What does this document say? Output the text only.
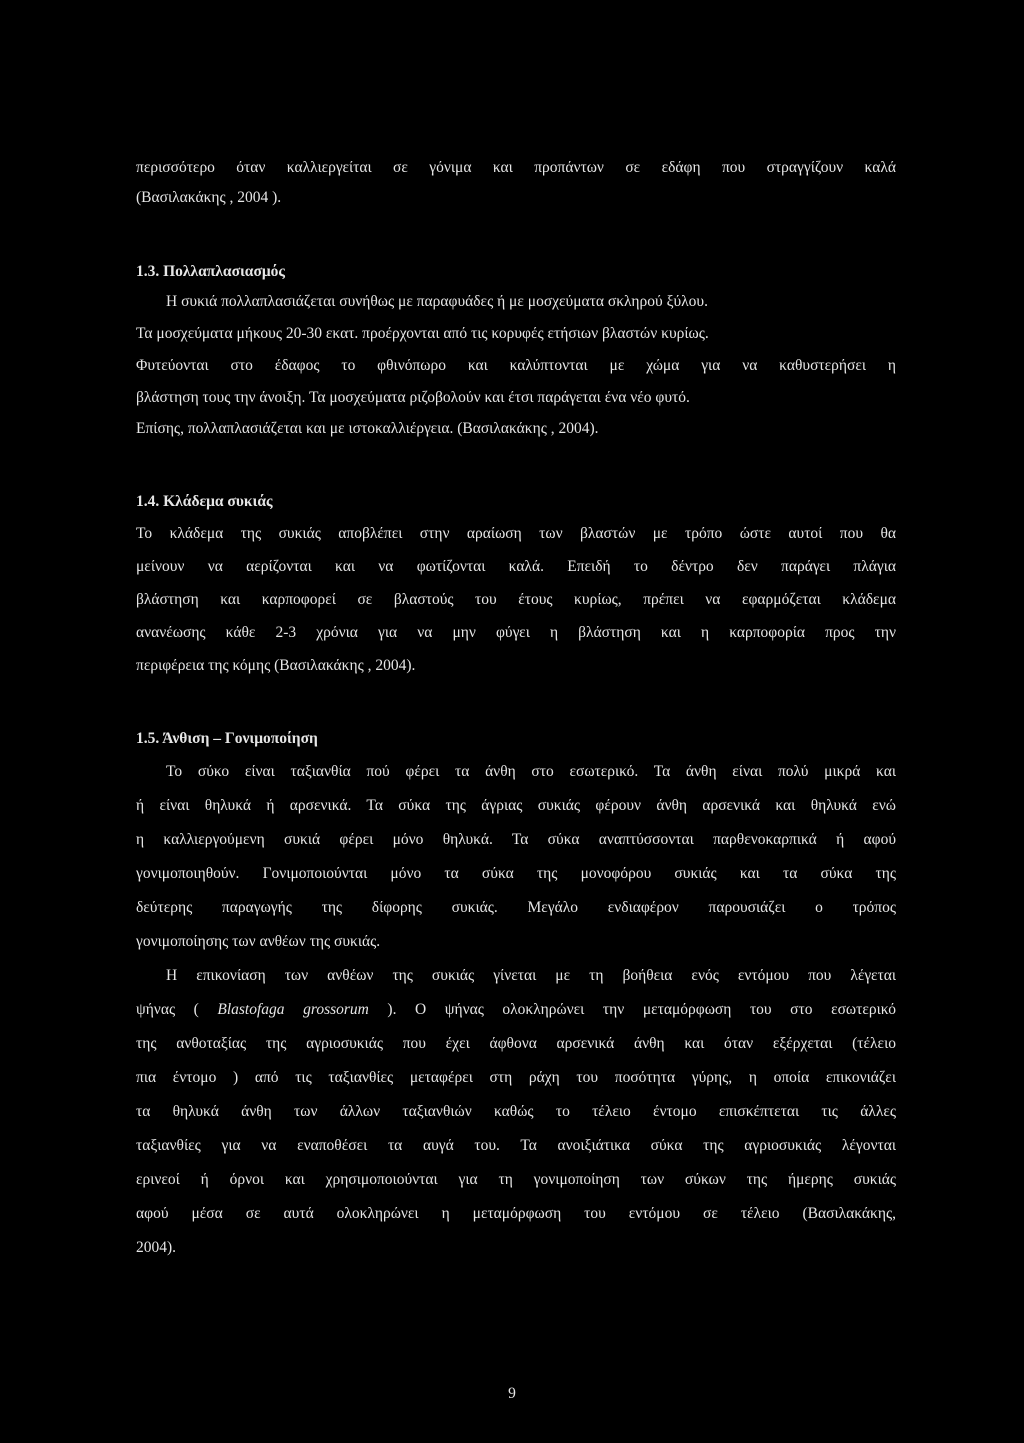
περισσότερο όταν καλλιεργείται σε γόνιμα και προπάντων σε εδάφη που στραγγίζουν καλά
(Βασιλακάκης , 2004 ).
1.3. Πολλαπλασιασμός
Η συκιά πολλαπλασιάζεται συνήθως με παραφυάδες ή με μοσχεύματα σκληρού ξύλου.
Τα μοσχεύματα μήκους 20-30 εκατ. προέρχονται από τις κορυφές ετήσιων βλαστών κυρίως.
Φυτεύονται στο έδαφος το φθινόπωρο και καλύπτονται με χώμα για να καθυστερήσει η
βλάστηση τους την άνοιξη. Τα μοσχεύματα ριζοβολούν και έτσι παράγεται ένα νέο φυτό.
Επίσης, πολλαπλασιάζεται και με ιστοκαλλιέργεια. (Βασιλακάκης , 2004).
1.4. Κλάδεμα συκιάς
Το κλάδεμα της συκιάς αποβλέπει στην αραίωση των βλαστών με τρόπο ώστε αυτοί που θα
μείνουν να αερίζονται και να φωτίζονται καλά. Επειδή το δέντρο δεν παράγει πλάγια
βλάστηση και καρποφορεί σε βλαστούς του έτους κυρίως, πρέπει να εφαρμόζεται κλάδεμα
ανανέωσης κάθε 2-3 χρόνια για να μην φύγει η βλάστηση και η καρποφορία προς την
περιφέρεια της κόμης (Βασιλακάκης , 2004).
1.5. Άνθιση – Γονιμοποίηση
Το σύκο είναι ταξιανθία πού φέρει τα άνθη στο εσωτερικό. Τα άνθη είναι πολύ μικρά και
ή είναι θηλυκά ή αρσενικά. Τα σύκα της άγριας συκιάς φέρουν άνθη αρσενικά και θηλυκά ενώ
η καλλιεργούμενη συκιά φέρει μόνο θηλυκά. Τα σύκα αναπτύσσονται παρθενοκαρπικά ή αφού
γονιμοποιηθούν. Γονιμοποιούνται μόνο τα σύκα της μονοφόρου συκιάς και τα σύκα της
δεύτερης παραγωγής της δίφορης συκιάς. Μεγάλο ενδιαφέρον παρουσιάζει ο τρόπος
γονιμοποίησης των ανθέων της συκιάς.
Η επικονίαση των ανθέων της συκιάς γίνεται με τη βοήθεια ενός εντόμου που λέγεται
ψήνας ( Blastofaga grossorum ). Ο ψήνας ολοκληρώνει την μεταμόρφωση του στο εσωτερικό
της ανθοταξίας της αγριοσυκιάς που έχει άφθονα αρσενικά άνθη και όταν εξέρχεται (τέλειο
πια έντομο ) από τις ταξιανθίες μεταφέρει στη ράχη του ποσότητα γύρης, η οποία επικονιάζει
τα θηλυκά άνθη των άλλων ταξιανθιών καθώς το τέλειο έντομο επισκέπτεται τις άλλες
ταξιανθίες για να εναποθέσει τα αυγά του. Τα ανοιξιάτικα σύκα της αγριοσυκιάς λέγονται
ερινεοί ή όρνοι και χρησιμοποιούνται για τη γονιμοποίηση των σύκων της ήμερης συκιάς
αφού μέσα σε αυτά ολοκληρώνει η μεταμόρφωση του εντόμου σε τέλειο (Βασιλακάκης,
2004).
9
